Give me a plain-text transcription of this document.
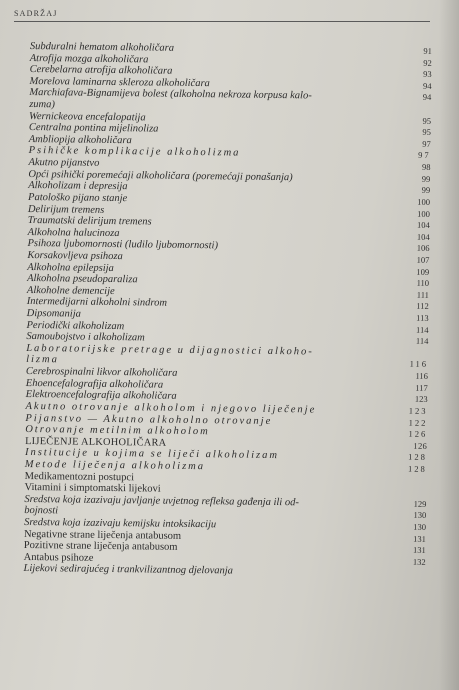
SADRŽAJ
Subduralni hematom alkoholičara	91
Atrofija mozga alkoholičara	92
Cerebelarna atrofija alkoholičara	93
Morelova laminarna skleroza alkoholičara	94
Marchiafava-Bignamijeva bolest (alkoholna nekroza korpusa kalo-	94
zuma)
Wernickeova encefalopatija	95
Centralna pontina mijelinoliza	95
Ambliopija alkoholičara	97
Psihičke komplikacije alkoholizma	97
Akutno pijanstvo	98
Opći psihički poremećaji alkoholičara (poremećaji ponašanja)	99
Alkoholizam i depresija	99
Patološko pijano stanje	100
Delirijum tremens	100
Traumatski delirijum tremens	104
Alkoholna halucinoza	104
Psihoza ljubomornosti (ludilo ljubomornosti)	106
Korsakovljeva psihoza	107
Alkoholna epilepsija	109
Alkoholna pseudoparaliza	110
Alkoholne demencije	111
Intermedijarni alkoholni sindrom	112
Dipsomanija	113
Periodički alkoholizam	114
Samoubojstvo i alkoholizam	114
Laboratorijske pretrage u dijagnostici alkoho-
lizma	116
Cerebrospinalni likvor alkoholičara	116
Ehoencefalografija alkoholičara	117
Elektroencefalografija alkoholičara	123
Akutno otrovanje alkoholom i njegovo liječenje	123
Pijanstvo — Akutno alkoholno otrovanje	122
Otrovanje metilnim alkoholom	126
LIJEČENJE ALKOHOLIČARA	126
Institucije u kojima se liječi alkoholizam	128
Metode liječenja alkoholizma	128
Medikamentozni postupci
Vitamini i simptomatski lijekovi
Sredstva koja izazivaju javljanje uvjetnog refleksa gađenja ili od-	129
bojnosti	130
Sredstva koja izazivaju kemijsku intoksikaciju	130
Negativne strane liječenja antabusom	131
Pozitivne strane liječenja antabusom	131
Antabus psihoze	132
Lijekovi sedirajućeg i trankvilizantnog djelovanja
